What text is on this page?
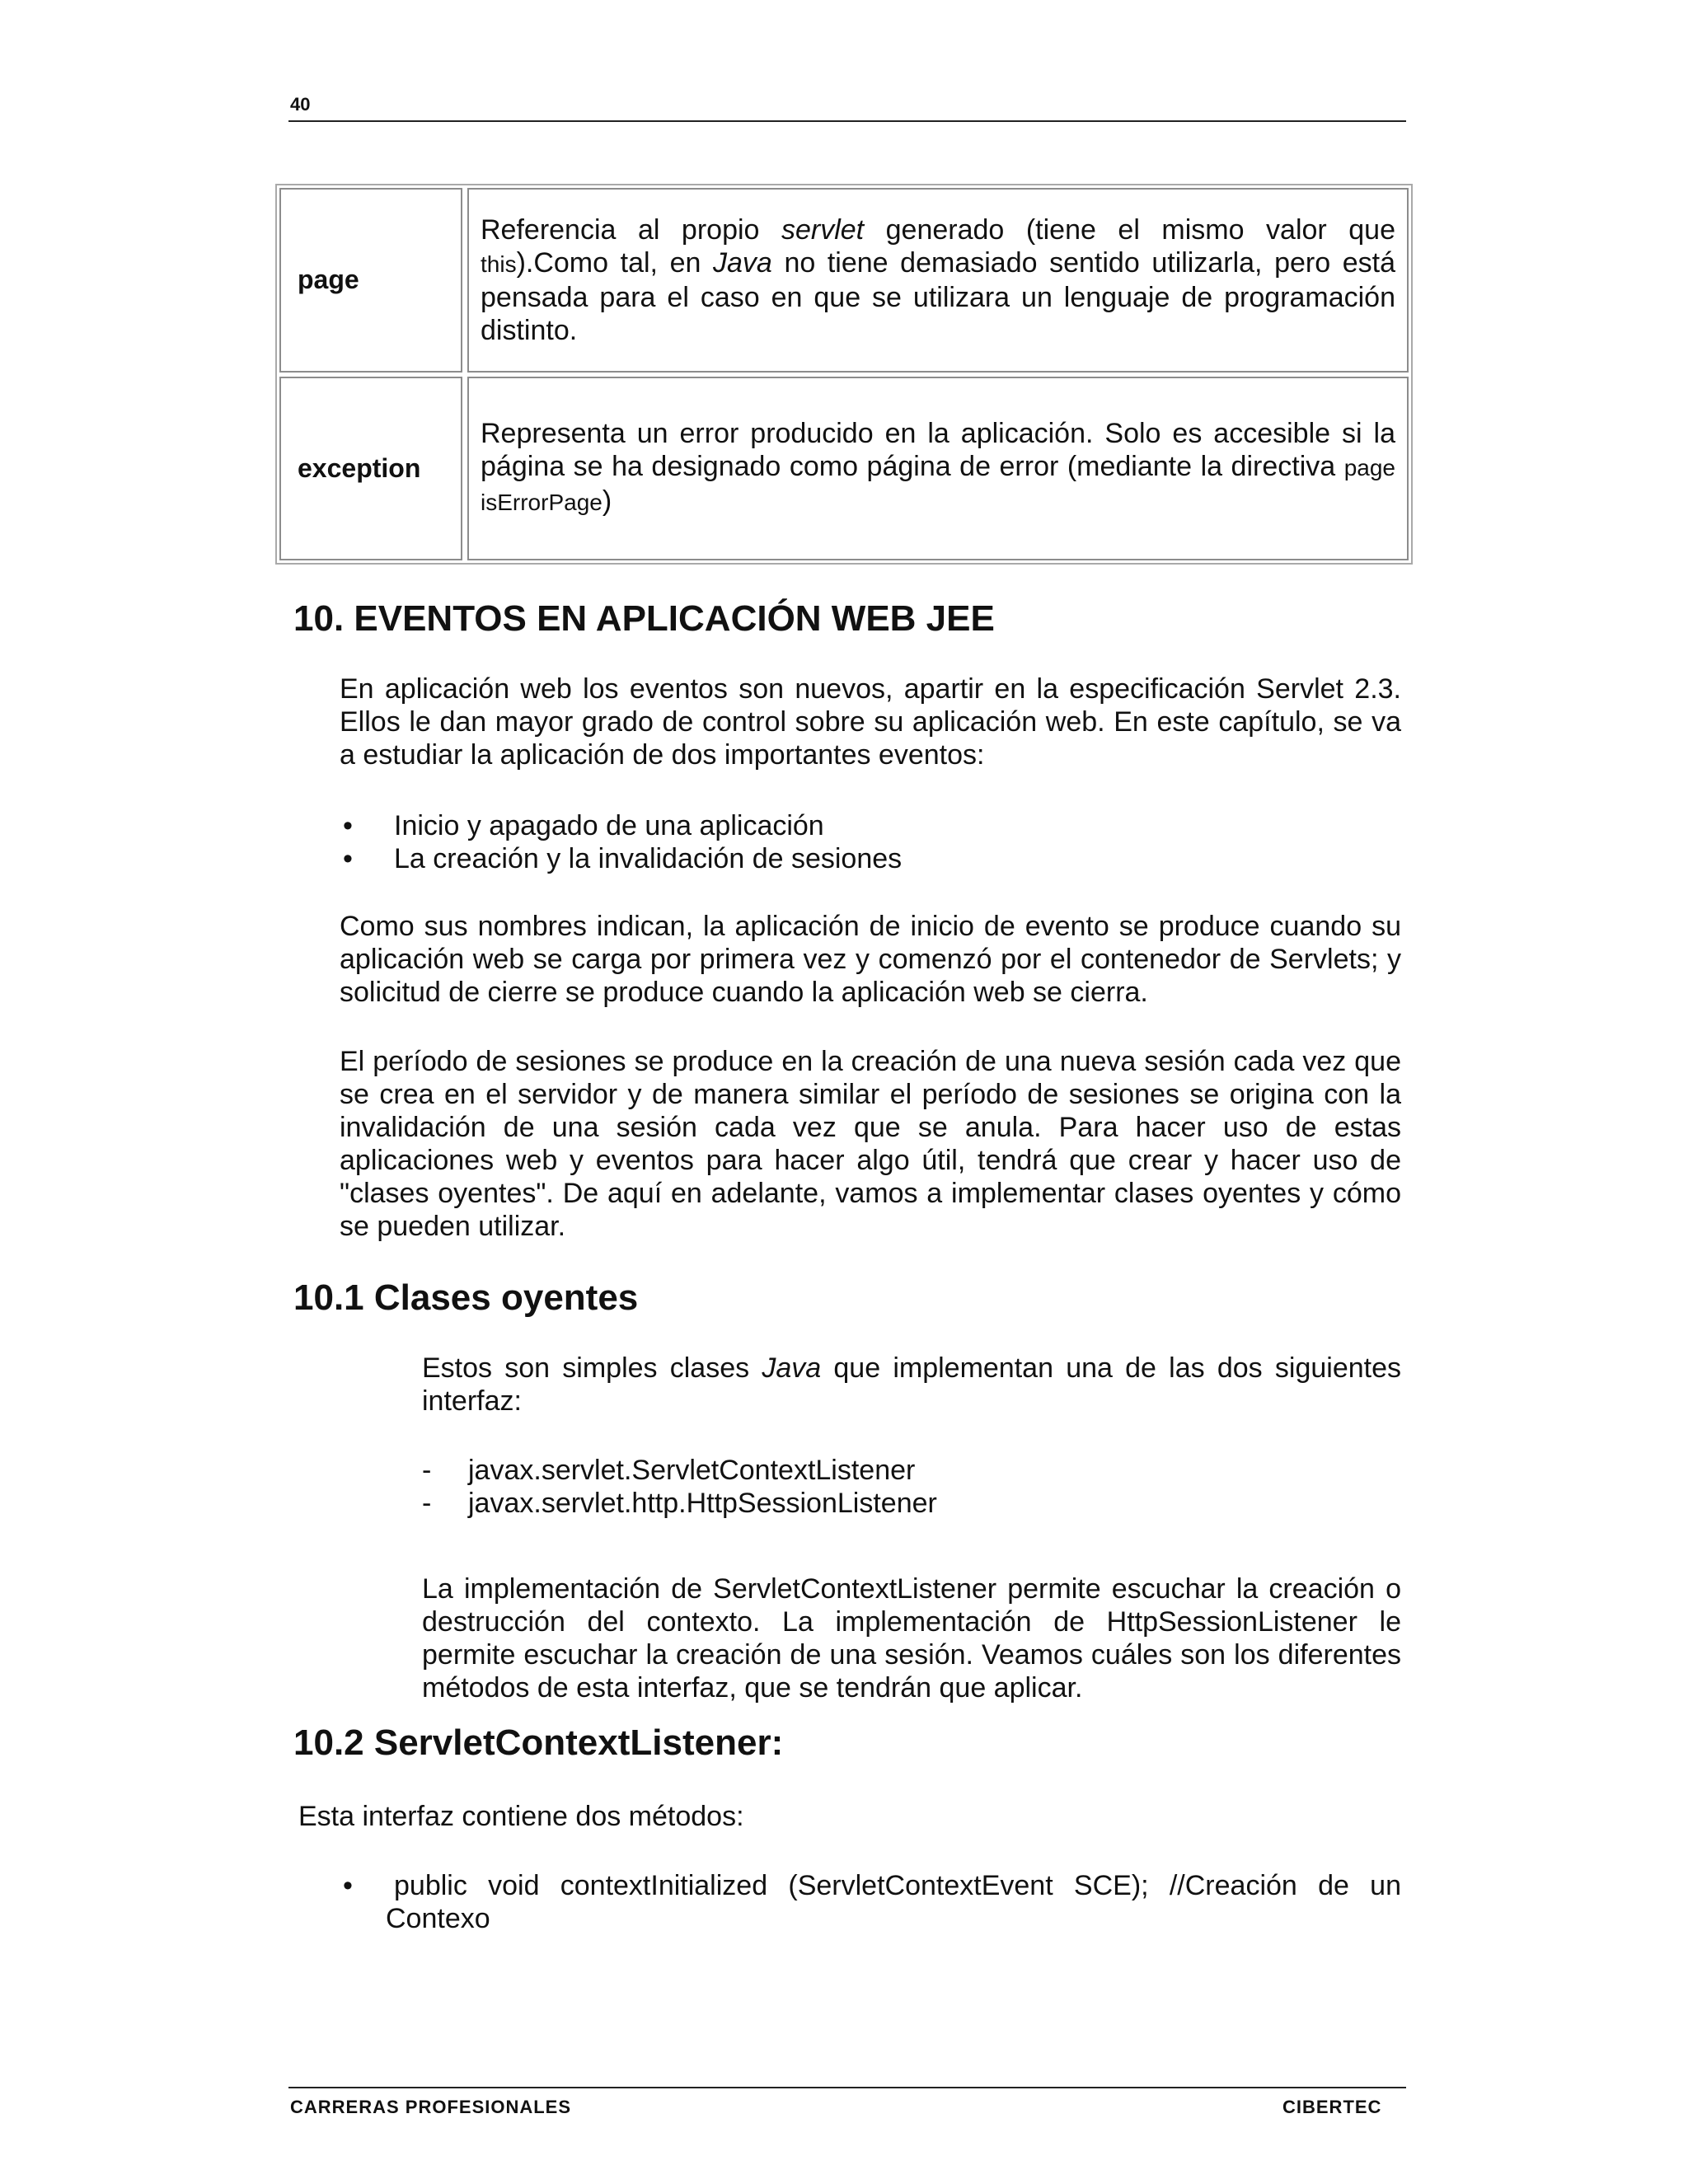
40
page
Referencia al propio servlet generado (tiene el mismo valor que this).Como tal, en Java no tiene demasiado sentido utilizarla, pero está pensada para el caso en que se utilizara un lenguaje de programación distinto.
exception
Representa un error producido en la aplicación. Solo es accesible si la página se ha designado como página de error (mediante la directiva page isErrorPage)
10. EVENTOS EN APLICACIÓN WEB JEE

En aplicación web los eventos son nuevos, apartir en la especificación Servlet 2.3. Ellos le dan mayor grado de control sobre su aplicación web. En este capítulo, se va a estudiar la aplicación de dos importantes eventos:

• Inicio y apagado de una aplicación
• La creación y la invalidación de sesiones

Como sus nombres indican, la aplicación de inicio de evento se produce cuando su aplicación web se carga por primera vez y comenzó por el contenedor de Servlets; y solicitud de cierre se produce cuando la aplicación web se cierra.

El período de sesiones se produce en la creación de una nueva sesión cada vez que se crea en el servidor y de manera similar el período de sesiones se origina con la invalidación de una sesión cada vez que se anula. Para hacer uso de estas aplicaciones web y eventos para hacer algo útil, tendrá que crear y hacer uso de "clases oyentes". De aquí en adelante, vamos a implementar clases oyentes y cómo se pueden utilizar.

10.1 Clases oyentes

Estos son simples clases Java que implementan una de las dos siguientes interfaz:

- javax.servlet.ServletContextListener
- javax.servlet.http.HttpSessionListener

La implementación de ServletContextListener permite escuchar la creación o destrucción del contexto. La implementación de HttpSessionListener le permite escuchar la creación de una sesión. Veamos cuáles son los diferentes métodos de esta interfaz, que se tendrán que aplicar.

10.2 ServletContextListener:

Esta interfaz contiene dos métodos:

• public void contextInitialized (ServletContextEvent SCE); //Creación de un Contexo
CARRERAS PROFESIONALES	CIBERTEC
